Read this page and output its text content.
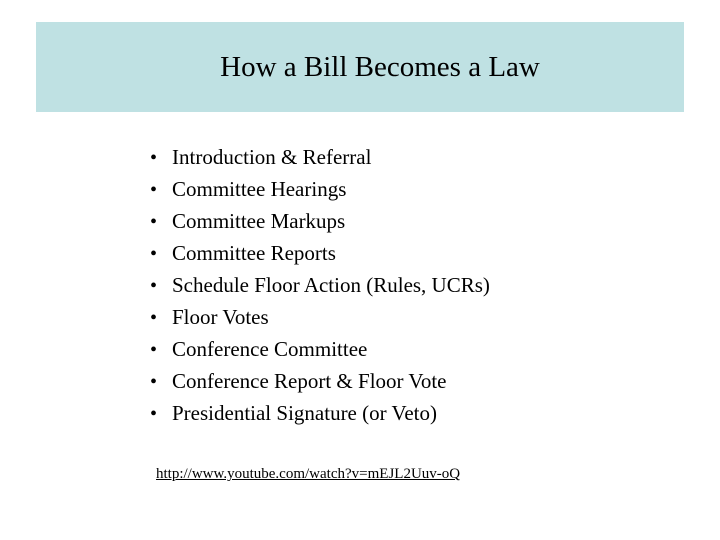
How a Bill Becomes a Law
• Introduction & Referral
• Committee Hearings
• Committee Markups
• Committee Reports
• Schedule Floor Action (Rules, UCRs)
• Floor Votes
• Conference Committee
• Conference Report & Floor Vote
• Presidential Signature (or Veto)
http://www.youtube.com/watch?v=mEJL2Uuv-oQ
